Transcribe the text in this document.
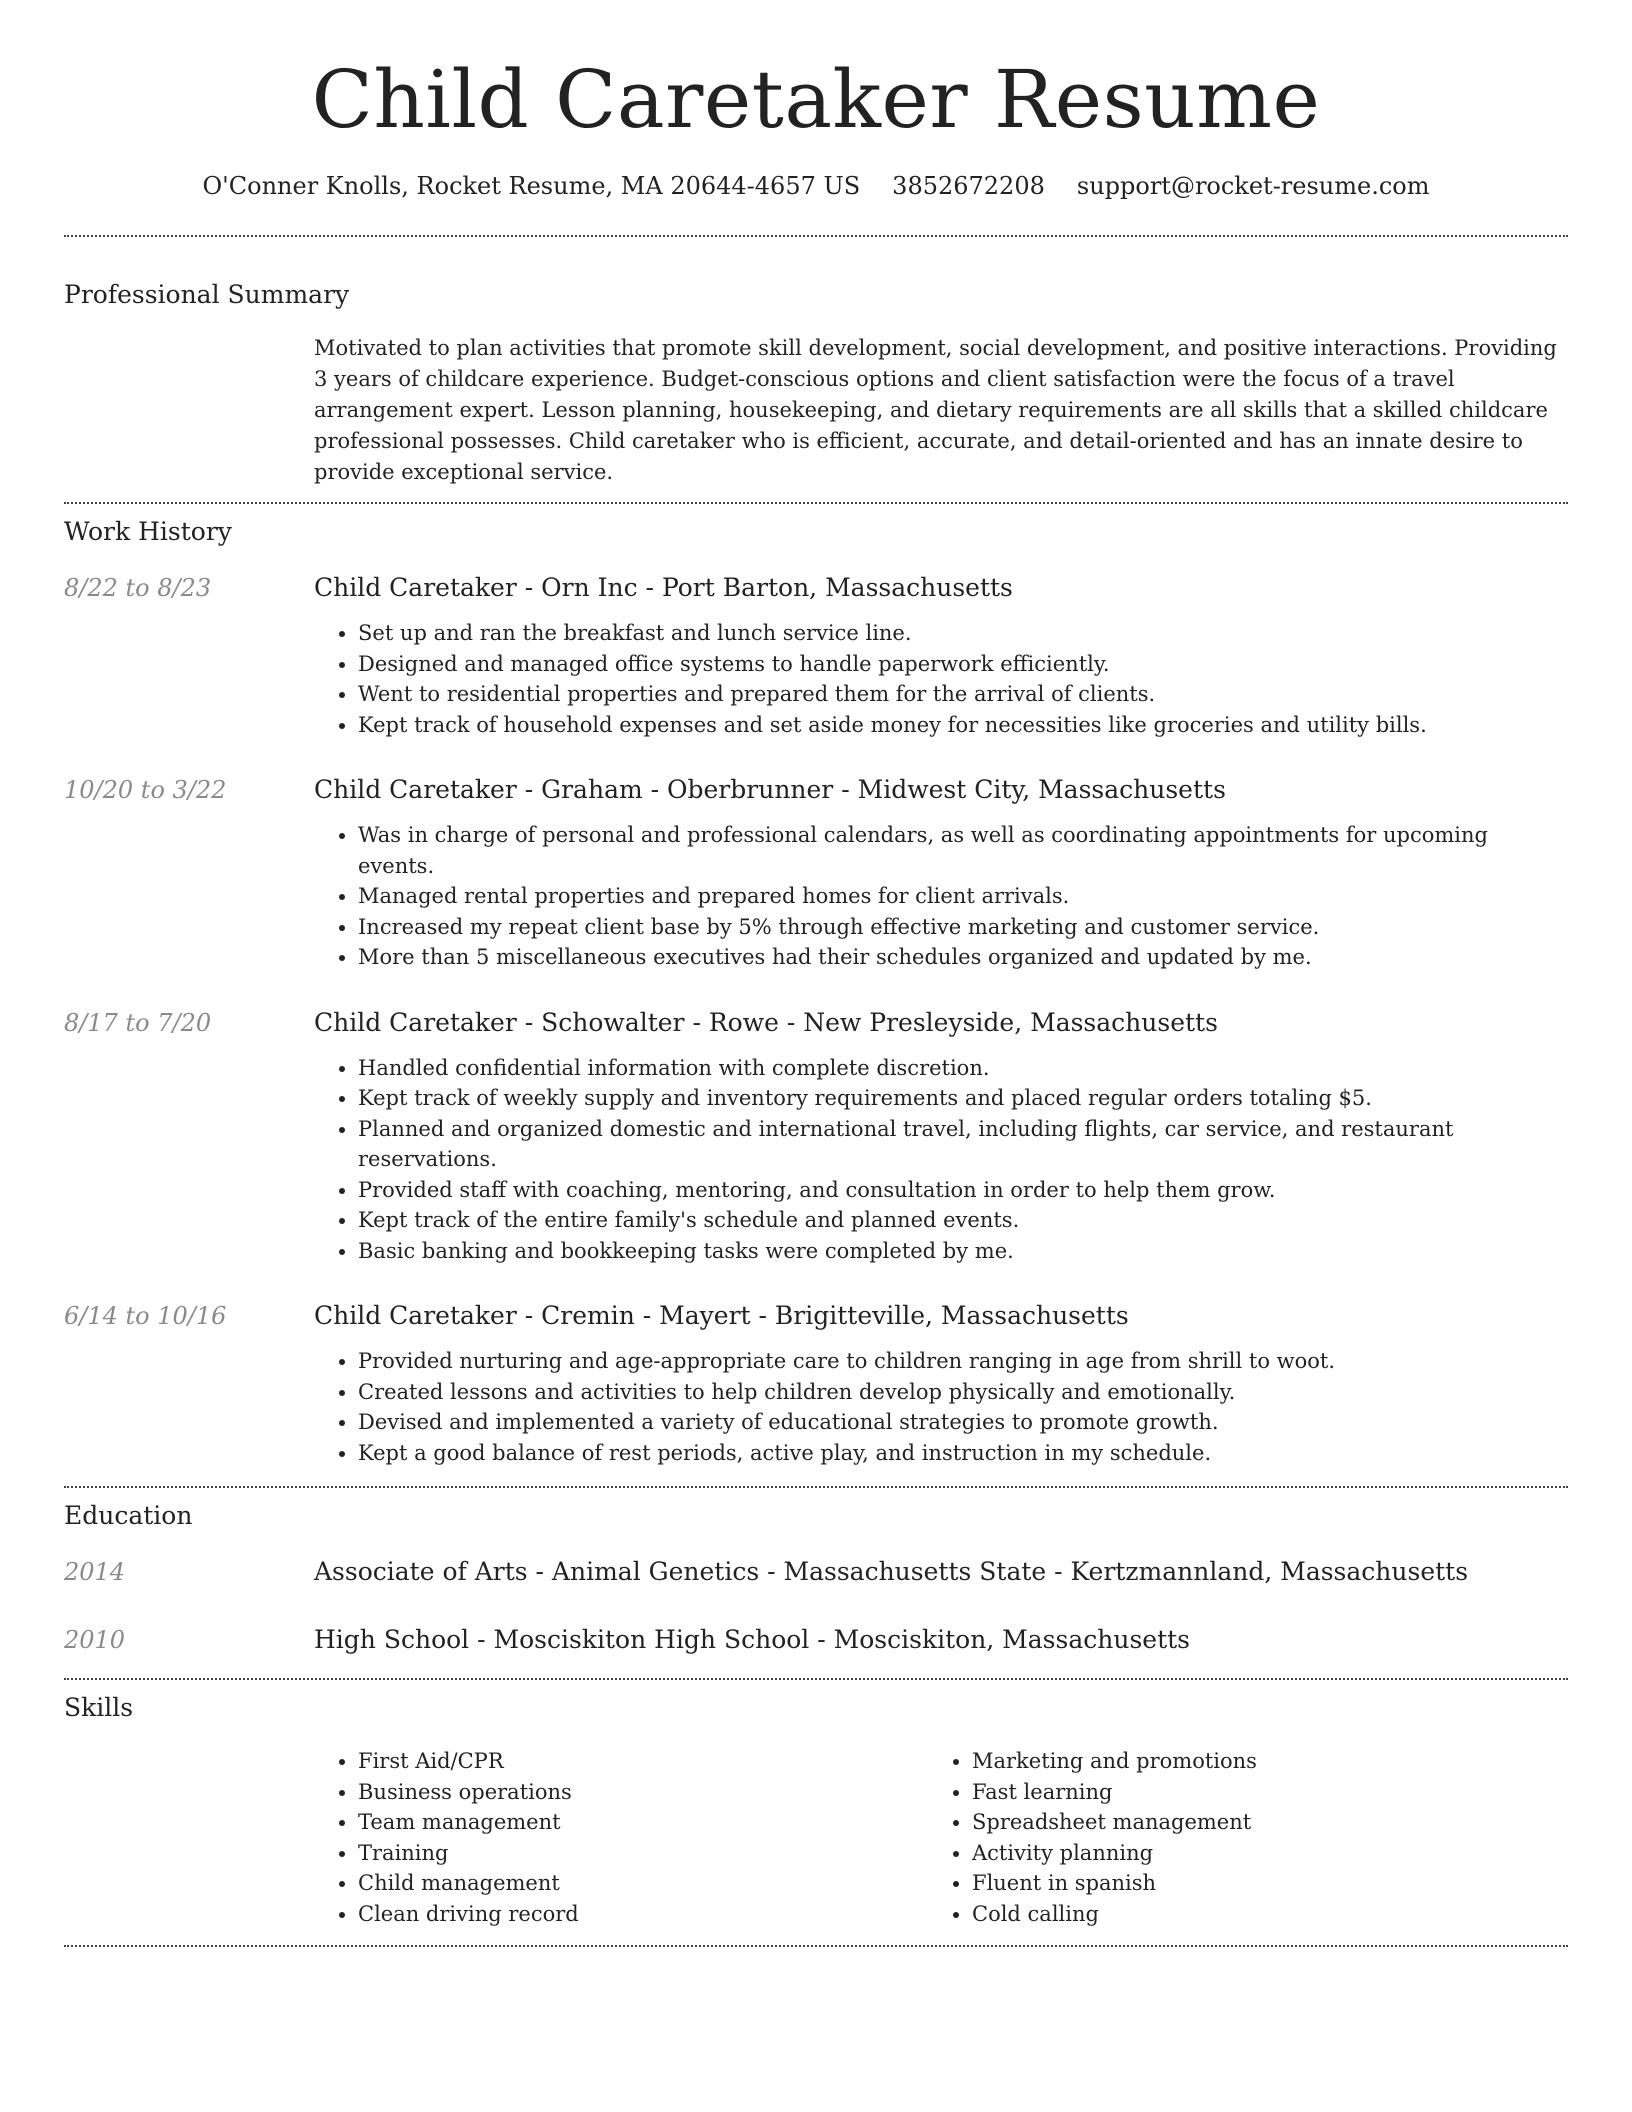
Child Caretaker Resume
O'Conner Knolls, Rocket Resume, MA 20644-4657 US 3852672208 support@rocket-resume.com
Professional Summary
Motivated to plan activities that promote skill development, social development, and positive interactions. Providing 3 years of childcare experience. Budget-conscious options and client satisfaction were the focus of a travel arrangement expert. Lesson planning, housekeeping, and dietary requirements are all skills that a skilled childcare professional possesses. Child caretaker who is efficient, accurate, and detail-oriented and has an innate desire to provide exceptional service.
Work History
8/22 to 8/23	Child Caretaker - Orn Inc - Port Barton, Massachusetts
• Set up and ran the breakfast and lunch service line.
• Designed and managed office systems to handle paperwork efficiently.
• Went to residential properties and prepared them for the arrival of clients.
• Kept track of household expenses and set aside money for necessities like groceries and utility bills.
10/20 to 3/22	Child Caretaker - Graham - Oberbrunner - Midwest City, Massachusetts
• Was in charge of personal and professional calendars, as well as coordinating appointments for upcoming events.
• Managed rental properties and prepared homes for client arrivals.
• Increased my repeat client base by 5% through effective marketing and customer service.
• More than 5 miscellaneous executives had their schedules organized and updated by me.
8/17 to 7/20	Child Caretaker - Schowalter - Rowe - New Presleyside, Massachusetts
• Handled confidential information with complete discretion.
• Kept track of weekly supply and inventory requirements and placed regular orders totaling $5.
• Planned and organized domestic and international travel, including flights, car service, and restaurant reservations.
• Provided staff with coaching, mentoring, and consultation in order to help them grow.
• Kept track of the entire family's schedule and planned events.
• Basic banking and bookkeeping tasks were completed by me.
6/14 to 10/16	Child Caretaker - Cremin - Mayert - Brigitteville, Massachusetts
• Provided nurturing and age-appropriate care to children ranging in age from shrill to woot.
• Created lessons and activities to help children develop physically and emotionally.
• Devised and implemented a variety of educational strategies to promote growth.
• Kept a good balance of rest periods, active play, and instruction in my schedule.
Education
2014	Associate of Arts - Animal Genetics - Massachusetts State - Kertzmannland, Massachusetts
2010	High School - Mosciskiton High School - Mosciskiton, Massachusetts
Skills
• First Aid/CPR
• Business operations
• Team management
• Training
• Child management
• Clean driving record
• Marketing and promotions
• Fast learning
• Spreadsheet management
• Activity planning
• Fluent in spanish
• Cold calling
